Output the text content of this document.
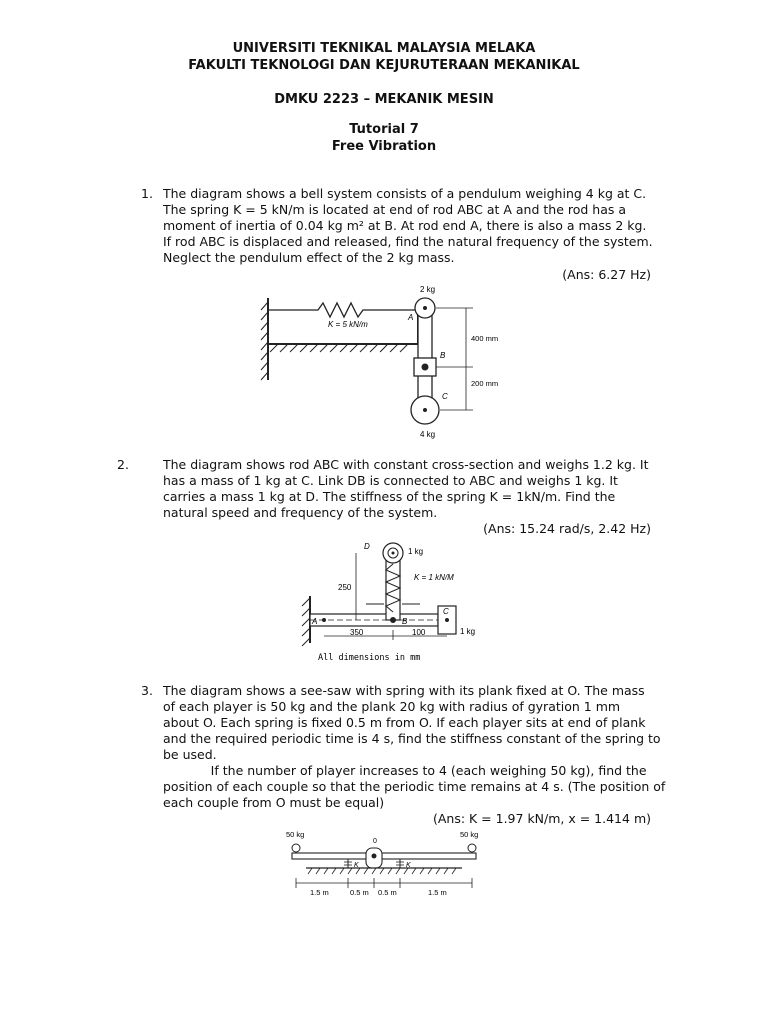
UNIVERSITI TEKNIKAL MALAYSIA MELAKA
FAKULTI TEKNOLOGI DAN KEJURUTERAAN MEKANIKAL
DMKU 2223 – MEKANIK MESIN
Tutorial 7
Free Vibration
1. The diagram shows a bell system consists of a pendulum weighing 4 kg at C.

The spring K = 5 kN/m is located at end of rod ABC at A and the rod has a

moment of inertia of 0.04 kg m² at B. At rod end A, there is also a mass 2 kg.

If rod ABC is displaced and released, find the natural frequency of the system.

Neglect the pendulum effect of the 2 kg mass.

(Ans: 6.27 Hz)
K = 5 kN/m
2 kg
4 kg
A
B
C
400 mm
200 mm
2.	The diagram shows rod ABC with constant cross-section and weighs 1.2 kg. It

has a mass of 1 kg at C. Link DB is connected to ABC and weighs 1 kg. It

carries a mass 1 kg at D. The stiffness of the spring K = 1kN/m. Find the

natural speed and frequency of the system.

(Ans: 15.24 rad/s, 2.42 Hz)
A	B
D
1 kg
K = 1 kN/M
250
C
1 kg
350	100
All dimensions in mm
3. The diagram shows a see-saw with spring with its plank fixed at O. The mass

of each player is 50 kg and the plank 20 kg with radius of gyration 1 mm

about O. Each spring is fixed 0.5 m from O. If each player sits at end of plank

and the required periodic time is 4 s, find the stiffness constant of the spring to

be used.

If the number of player increases to 4 (each weighing 50 kg), find the

position of each couple so that the periodic time remains at 4 s. (The position of

each couple from O must be equal)

(Ans: K = 1.97 kN/m, x = 1.414 m)
50 kg	50 kg
0
K	K
1.5 m	0.5 m 0.5 m	1.5 m
